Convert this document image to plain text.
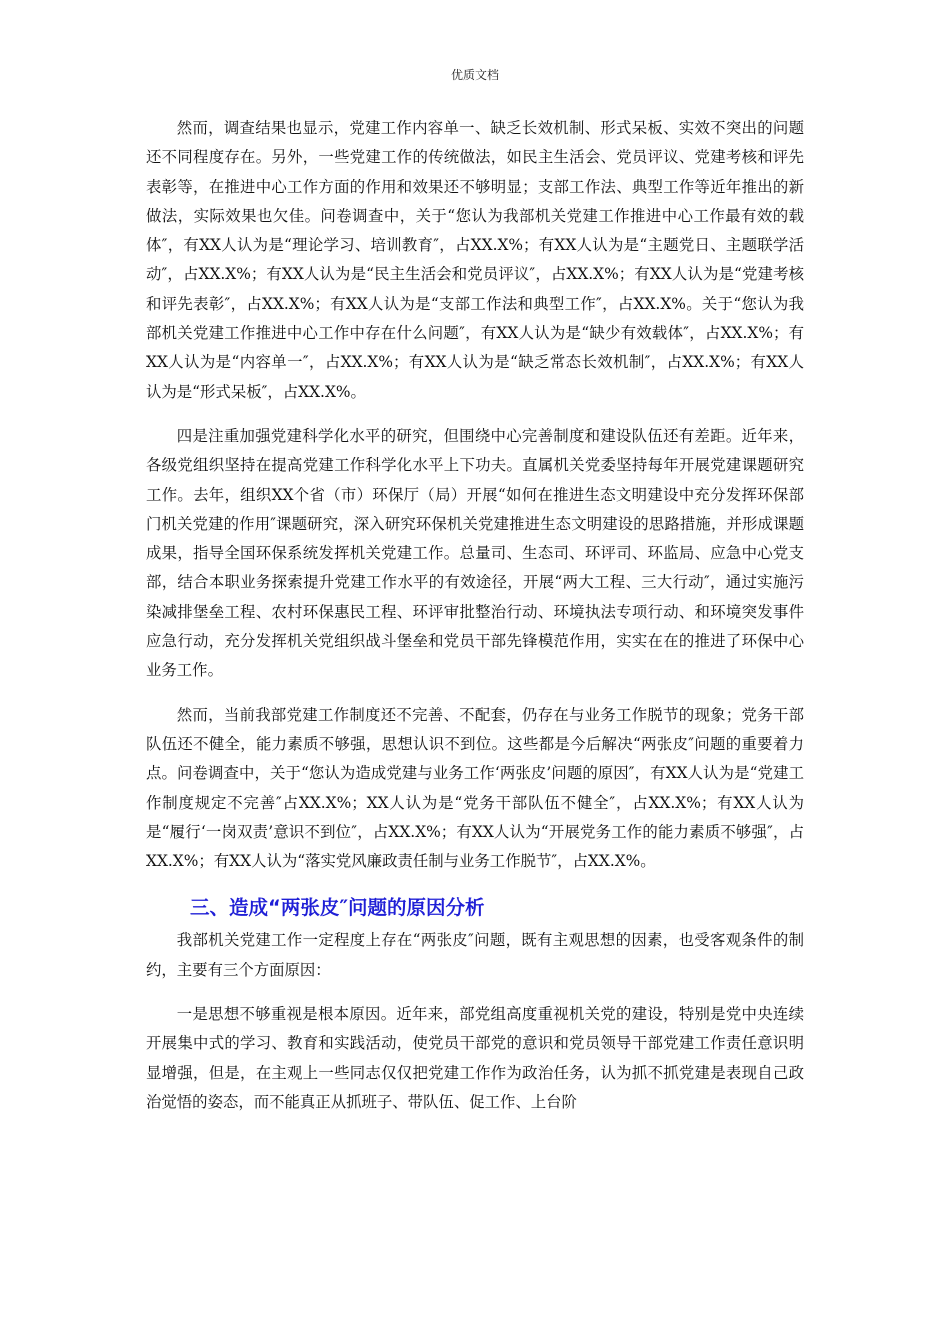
优质文档

然而，调查结果也显示，党建工作内容单一、缺乏长效机制、形式呆板、实效不突出的问题还不同程度存在。另外，一些党建工作的传统做法，如民主生活会、党员评议、党建考核和评先表彰等，在推进中心工作方面的作用和效果还不够明显；支部工作法、典型工作等近年推出的新做法，实际效果也欠佳。问卷调查中，关于“您认为我部机关党建工作推进中心工作最有效的载体″，有XX人认为是“理论学习、培训教育″，占XX.X%；有XX人认为是“主题党日、主题联学活动″，占XX.X%；有XX人认为是“民主生活会和党员评议″，占XX.X%；有XX人认为是“党建考核和评先表彰″，占XX.X%；有XX人认为是“支部工作法和典型工作″，占XX.X%。关于“您认为我部机关党建工作推进中心工作中存在什么问题″，有XX人认为是“缺少有效载体″，占XX.X%；有XX人认为是“内容单一″，占XX.X%；有XX人认为是“缺乏常态长效机制″，占XX.X%；有XX人认为是“形式呆板″，占XX.X%。

四是注重加强党建科学化水平的研究，但围绕中心完善制度和建设队伍还有差距。近年来，各级党组织坚持在提高党建工作科学化水平上下功夫。直属机关党委坚持每年开展党建课题研究工作。去年，组织XX个省（市）环保厅（局）开展“如何在推进生态文明建设中充分发挥环保部门机关党建的作用″课题研究，深入研究环保机关党建推进生态文明建设的思路措施，并形成课题成果，指导全国环保系统发挥机关党建工作。总量司、生态司、环评司、环监局、应急中心党支部，结合本职业务探索提升党建工作水平的有效途径，开展“两大工程、三大行动″，通过实施污染减排堡垒工程、农村环保惠民工程、环评审批整治行动、环境执法专项行动、和环境突发事件应急行动，充分发挥机关党组织战斗堡垒和党员干部先锋模范作用，实实在在的推进了环保中心业务工作。

然而，当前我部党建工作制度还不完善、不配套，仍存在与业务工作脱节的现象；党务干部队伍还不健全，能力素质不够强，思想认识不到位。这些都是今后解决“两张皮″问题的重要着力点。问卷调查中，关于“您认为造成党建与业务工作‘两张皮’问题的原因″，有XX人认为是“党建工作制度规定不完善″占XX.X%；XX人认为是“党务干部队伍不健全″，占XX.X%；有XX人认为是“履行‘一岗双责’意识不到位″，占XX.X%；有XX人认为“开展党务工作的能力素质不够强″，占XX.X%；有XX人认为“落实党风廉政责任制与业务工作脱节″，占XX.X%。

三、造成“两张皮″问题的原因分析

我部机关党建工作一定程度上存在“两张皮″问题，既有主观思想的因素，也受客观条件的制约，主要有三个方面原因：

一是思想不够重视是根本原因。近年来，部党组高度重视机关党的建设，特别是党中央连续开展集中式的学习、教育和实践活动，使党员干部党的意识和党员领导干部党建工作责任意识明显增强，但是，在主观上一些同志仅仅把党建工作作为政治任务，认为抓不抓党建是表现自己政治觉悟的姿态，而不能真正从抓班子、带队伍、促工作、上台阶
